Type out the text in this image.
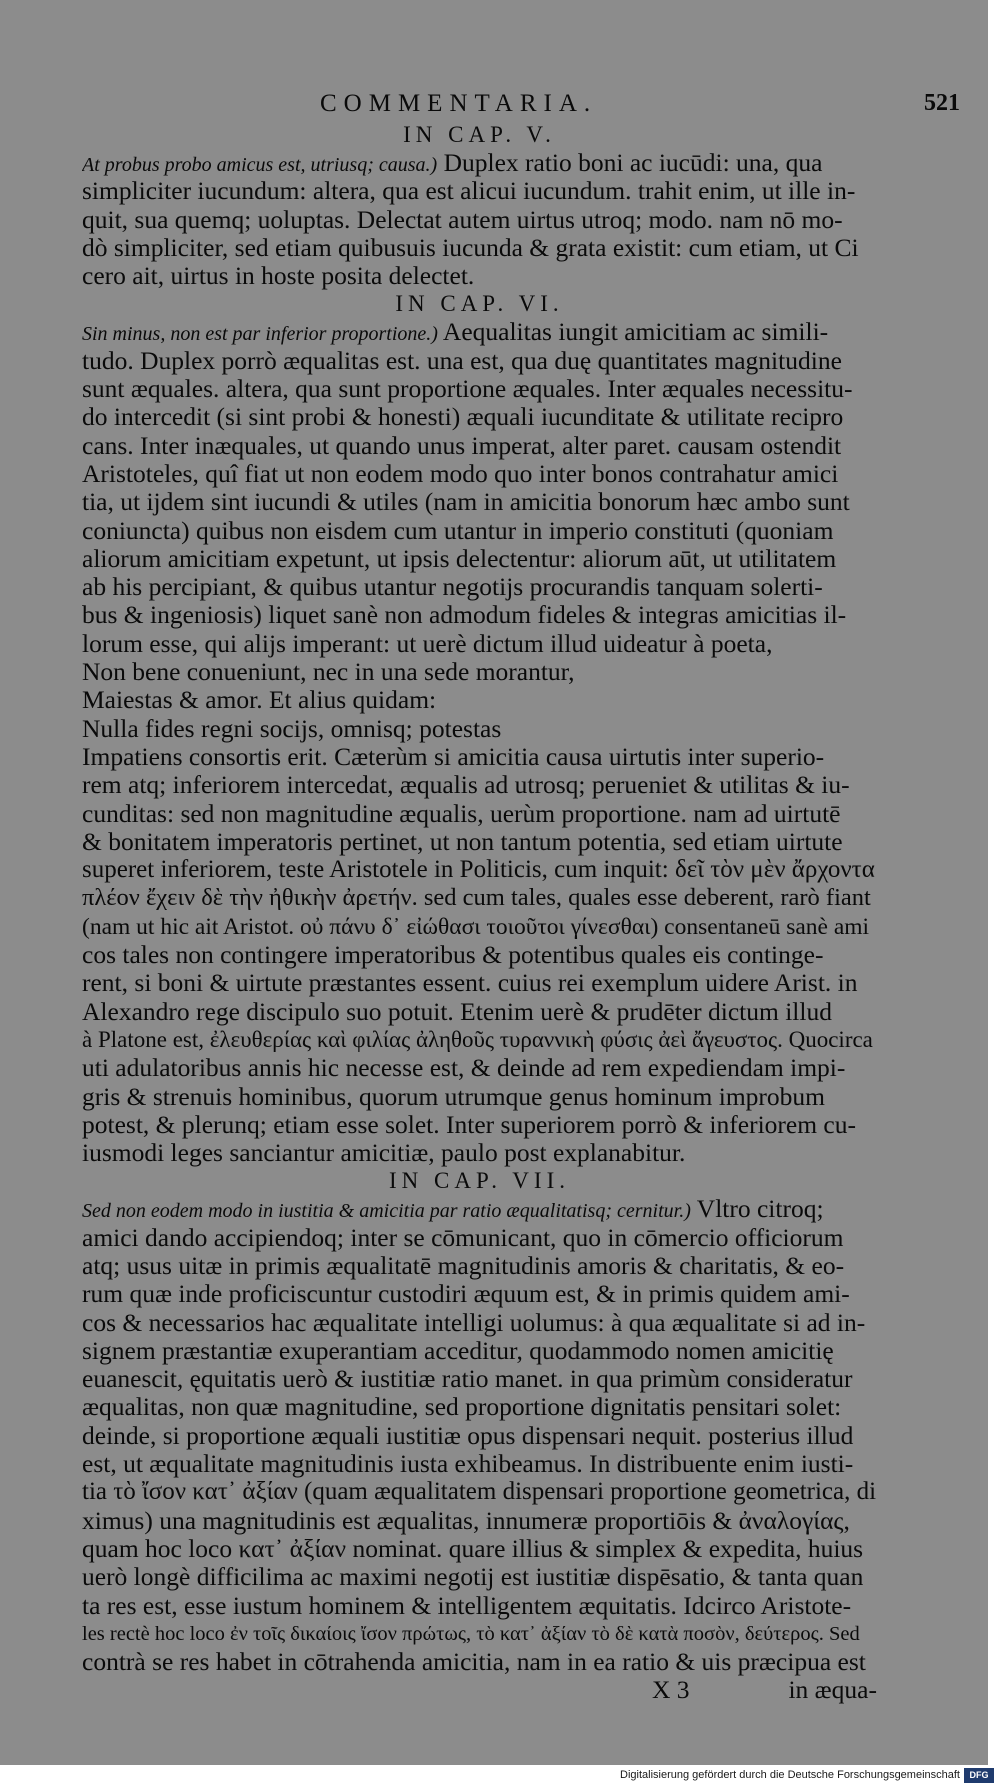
COMMENTARIA.	521
IN CAP. V.
At probus probo amicus est, utriusq; causa.) Duplex ratio boni ac iucūdi: una, qua
simpliciter iucundum: altera, qua est alicui iucundum. trahit enim, ut ille in-
quit, sua quemq; uoluptas. Delectat autem uirtus utroq; modo. nam nō mo-
dò simpliciter, sed etiam quibusuis iucunda & grata existit: cum etiam, ut Ci
cero ait, uirtus in hoste posita delectet.
IN CAP. VI.
Sin minus, non est par inferior proportione.) Aequalitas iungit amicitiam ac simili-
tudo. Duplex porrò æqualitas est. una est, qua duę quantitates magnitudine
sunt æquales. altera, qua sunt proportione æquales. Inter æquales necessitu-
do intercedit (si sint probi & honesti) æquali iucunditate & utilitate recipro
cans. Inter inæquales, ut quando unus imperat, alter paret. causam ostendit
Aristoteles, quî fiat ut non eodem modo quo inter bonos contrahatur amici
tia, ut ijdem sint iucundi & utiles (nam in amicitia bonorum hæc ambo sunt
coniuncta) quibus non eisdem cum utantur in imperio constituti (quoniam
aliorum amicitiam expetunt, ut ipsis delectentur: aliorum aūt, ut utilitatem
ab his percipiant, & quibus utantur negotijs procurandis tanquam solerti-
bus & ingeniosis) liquet sanè non admodum fideles & integras amicitias il-
lorum esse, qui alijs imperant: ut uerè dictum illud uideatur à poeta,
Non bene conueniunt, nec in una sede morantur,
Maiestas & amor. Et alius quidam:
Nulla fides regni socijs, omnisq; potestas
Impatiens consortis erit. Cæterùm si amicitia causa uirtutis inter superio-
rem atq; inferiorem intercedat, æqualis ad utrosq; perueniet & utilitas & iu-
cunditas: sed non magnitudine æqualis, uerùm proportione. nam ad uirtutē
& bonitatem imperatoris pertinet, ut non tantum potentia, sed etiam uirtute
superet inferiorem, teste Aristotele in Politicis, cum inquit: δεῖ τὸν μὲν ἄρχοντα
πλέον ἔχειν δὲ τὴν ἠθικὴν ἀρετήν. sed cum tales, quales esse deberent, rarò fiant
(nam ut hic ait Aristot. οὐ πάνυ δ᾽ εἰώθασι τοιοῦτοι γίνεσθαι) consentaneū sanè ami
cos tales non contingere imperatoribus & potentibus quales eis continge-
rent, si boni & uirtute præstantes essent. cuius rei exemplum uidere Arist. in
Alexandro rege discipulo suo potuit. Etenim uerè & prudēter dictum illud
à Platone est, ἐλευθερίας καὶ φιλίας ἀληθοῦς τυραννικὴ φύσις ἀεὶ ἄγευστος. Quocirca
uti adulatoribus annis hic necesse est, & deinde ad rem expediendam impi-
gris & strenuis hominibus, quorum utrumque genus hominum improbum
potest, & plerunq; etiam esse solet. Inter superiorem porrò & inferiorem cu-
iusmodi leges sanciantur amicitiæ, paulo post explanabitur.
IN CAP. VII.
Sed non eodem modo in iustitia & amicitia par ratio æqualitatisq; cernitur.) Vltro citroq;
amici dando accipiendoq; inter se cōmunicant, quo in cōmercio officiorum
atq; usus uitæ in primis æqualitatē magnitudinis amoris & charitatis, & eo-
rum quæ inde proficiscuntur custodiri æquum est, & in primis quidem ami-
cos & necessarios hac æqualitate intelligi uolumus: à qua æqualitate si ad in-
signem præstantiæ exuperantiam acceditur, quodammodo nomen amicitię
euanescit, ęquitatis uerò & iustitiæ ratio manet. in qua primùm consideratur
æqualitas, non quæ magnitudine, sed proportione dignitatis pensitari solet:
deinde, si proportione æquali iustitiæ opus dispensari nequit. posterius illud
est, ut æqualitate magnitudinis iusta exhibeamus. In distribuente enim iusti-
tia τὸ ἴσον κατ᾽ ἀξίαν (quam æqualitatem dispensari proportione geometrica, di
ximus) una magnitudinis est æqualitas, innumeræ proportiōis & ἀναλογίας,
quam hoc loco κατ᾽ ἀξίαν nominat. quare illius & simplex & expedita, huius
uerò longè difficilima ac maximi negotij est iustitiæ dispēsatio, & tanta quan
ta res est, esse iustum hominem & intelligentem æquitatis. Idcirco Aristote-
les rectè hoc loco ἐν τοῖς δικαίοις ἴσον πρώτως, τὸ κατ᾽ ἀξίαν τὸ δὲ κατὰ ποσὸν, δεύτερος. Sed
contrà se res habet in cōtrahenda amicitia, nam in ea ratio & uis præcipua est
X 3	in æqua-
Digitalisierung gefördert durch die Deutsche Forschungsgemeinschaft	DFG
